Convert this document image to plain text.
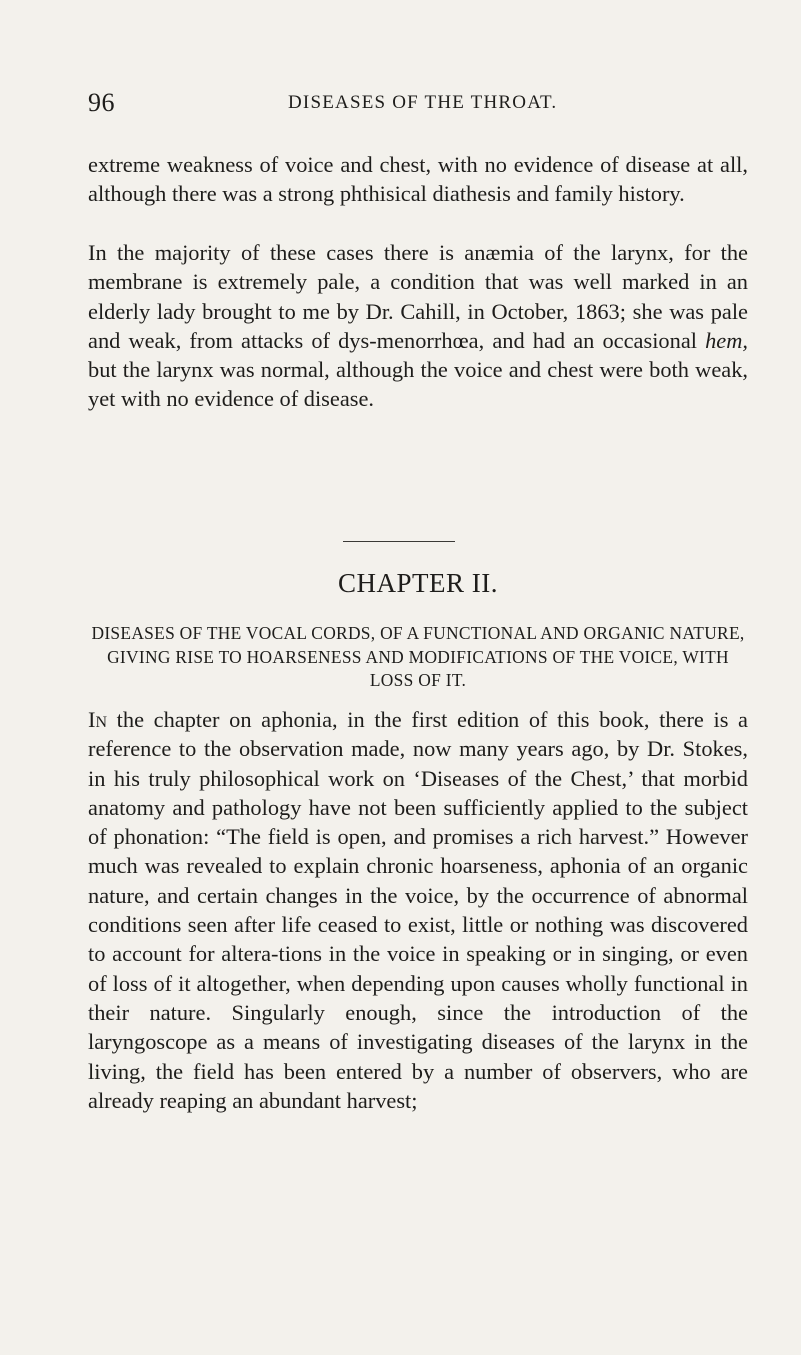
96	DISEASES OF THE THROAT.

extreme weakness of voice and chest, with no evidence of disease at all, although there was a strong phthisical diathesis and family history.

In the majority of these cases there is anæmia of the larynx, for the membrane is extremely pale, a condition that was well marked in an elderly lady brought to me by Dr. Cahill, in October, 1863; she was pale and weak, from attacks of dys-menorrhœa, and had an occasional hem, but the larynx was normal, although the voice and chest were both weak, yet with no evidence of disease.

CHAPTER II.

DISEASES OF THE VOCAL CORDS, OF A FUNCTIONAL AND ORGANIC NATURE, GIVING RISE TO HOARSENESS AND MODIFICATIONS OF THE VOICE, WITH LOSS OF IT.

In the chapter on aphonia, in the first edition of this book, there is a reference to the observation made, now many years ago, by Dr. Stokes, in his truly philosophical work on ‘Diseases of the Chest,’ that morbid anatomy and pathology have not been sufficiently applied to the subject of phonation: “The field is open, and promises a rich harvest.” However much was revealed to explain chronic hoarseness, aphonia of an organic nature, and certain changes in the voice, by the occurrence of abnormal conditions seen after life ceased to exist, little or nothing was discovered to account for altera-tions in the voice in speaking or in singing, or even of loss of it altogether, when depending upon causes wholly functional in their nature. Singularly enough, since the introduction of the laryngoscope as a means of investigating diseases of the larynx in the living, the field has been entered by a number of observers, who are already reaping an abundant harvest;
